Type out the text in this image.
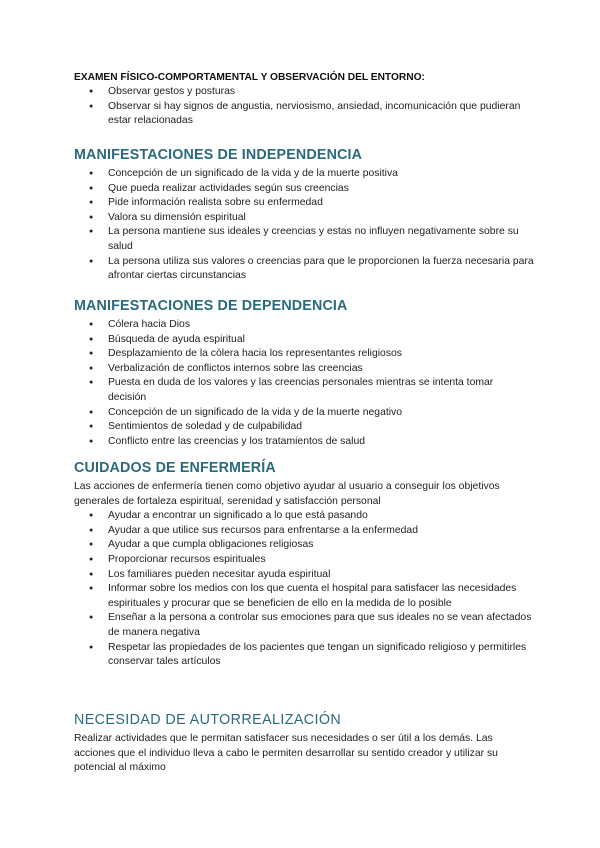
EXAMEN FÍSICO-COMPORTAMENTAL Y OBSERVACIÓN DEL ENTORNO:
● Observar gestos y posturas
● Observar si hay signos de angustia, nerviosismo, ansiedad, incomunicación que pudieran estar relacionadas
MANIFESTACIONES DE INDEPENDENCIA
● Concepción de un significado de la vida y de la muerte positiva
● Que pueda realizar actividades según sus creencias
● Pide información realista sobre su enfermedad
● Valora su dimensión espiritual
● La persona mantiene sus ideales y creencias y estas no influyen negativamente sobre su salud
● La persona utiliza sus valores o creencias para que le proporcionen la fuerza necesaria para afrontar ciertas circunstancias
MANIFESTACIONES DE DEPENDENCIA
● Cólera hacia Dios
● Búsqueda de ayuda espiritual
● Desplazamiento de la cólera hacia los representantes religiosos
● Verbalización de conflictos internos sobre las creencias
● Puesta en duda de los valores y las creencias personales mientras se intenta tomar decisión
● Concepción de un significado de la vida y de la muerte negativo
● Sentimientos de soledad y de culpabilidad
● Conflicto entre las creencias y los tratamientos de salud
CUIDADOS DE ENFERMERÍA

Las acciones de enfermería tienen como objetivo ayudar al usuario a conseguir los objetivos generales de fortaleza espiritual, serenidad y satisfacción personal

● Ayudar a encontrar un significado a lo que está pasando
● Ayudar a que utilice sus recursos para enfrentarse a la enfermedad
● Ayudar a que cumpla obligaciones religiosas
● Proporcionar recursos espirituales
● Los familiares pueden necesitar ayuda espiritual
● Informar sobre los medios con los que cuenta el hospital para satisfacer las necesidades espirituales y procurar que se beneficien de ello en la medida de lo posible
● Enseñar a la persona a controlar sus emociones para que sus ideales no se vean afectados de manera negativa
● Respetar las propiedades de los pacientes que tengan un significado religioso y permitirles conservar tales artículos
NECESIDAD DE AUTORREALIZACIÓN

Realizar actividades que le permitan satisfacer sus necesidades o ser útil a los demás. Las acciones que el individuo lleva a cabo le permiten desarrollar su sentido creador y utilizar su potencial al máximo
